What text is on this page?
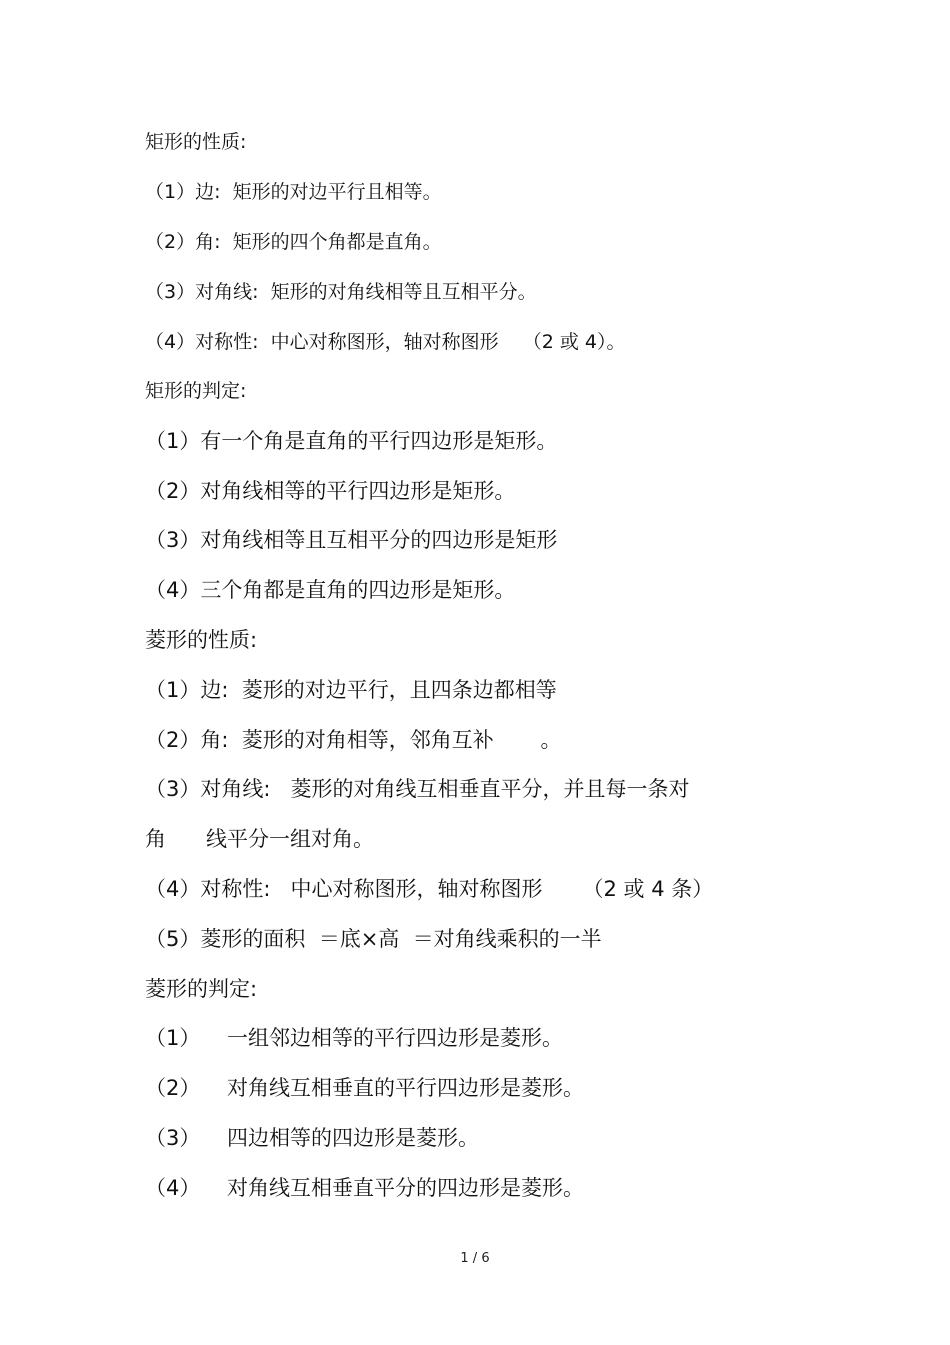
矩形的性质:
（1）边:  矩形的对边平行且相等。
（2）角:  矩形的四个角都是直角。
（3）对角线:  矩形的对角线相等且互相平分。
（4）对称性:  中心对称图形，轴对称图形    （2 或 4）。
矩形的判定:
（1）有一个角是直角的平行四边形是矩形。
（2）对角线相等的平行四边形是矩形。
（3）对角线相等且互相平分的四边形是矩形
（4）三个角都是直角的四边形是矩形。
菱形的性质:
（1）边:  菱形的对边平行，且四条边都相等
（2）角:  菱形的对角相等，邻角互补       。
（3）对角线:   菱形的对角线互相垂直平分，并且每一条对
角      线平分一组对角。
（4）对称性:   中心对称图形，轴对称图形      （2 或 4 条）
（5）菱形的面积  ＝底×高  ＝对角线乘积的一半
菱形的判定:
（1）    一组邻边相等的平行四边形是菱形。
（2）    对角线互相垂直的平行四边形是菱形。
（3）    四边相等的四边形是菱形。
（4）    对角线互相垂直平分的四边形是菱形。
1 / 6
